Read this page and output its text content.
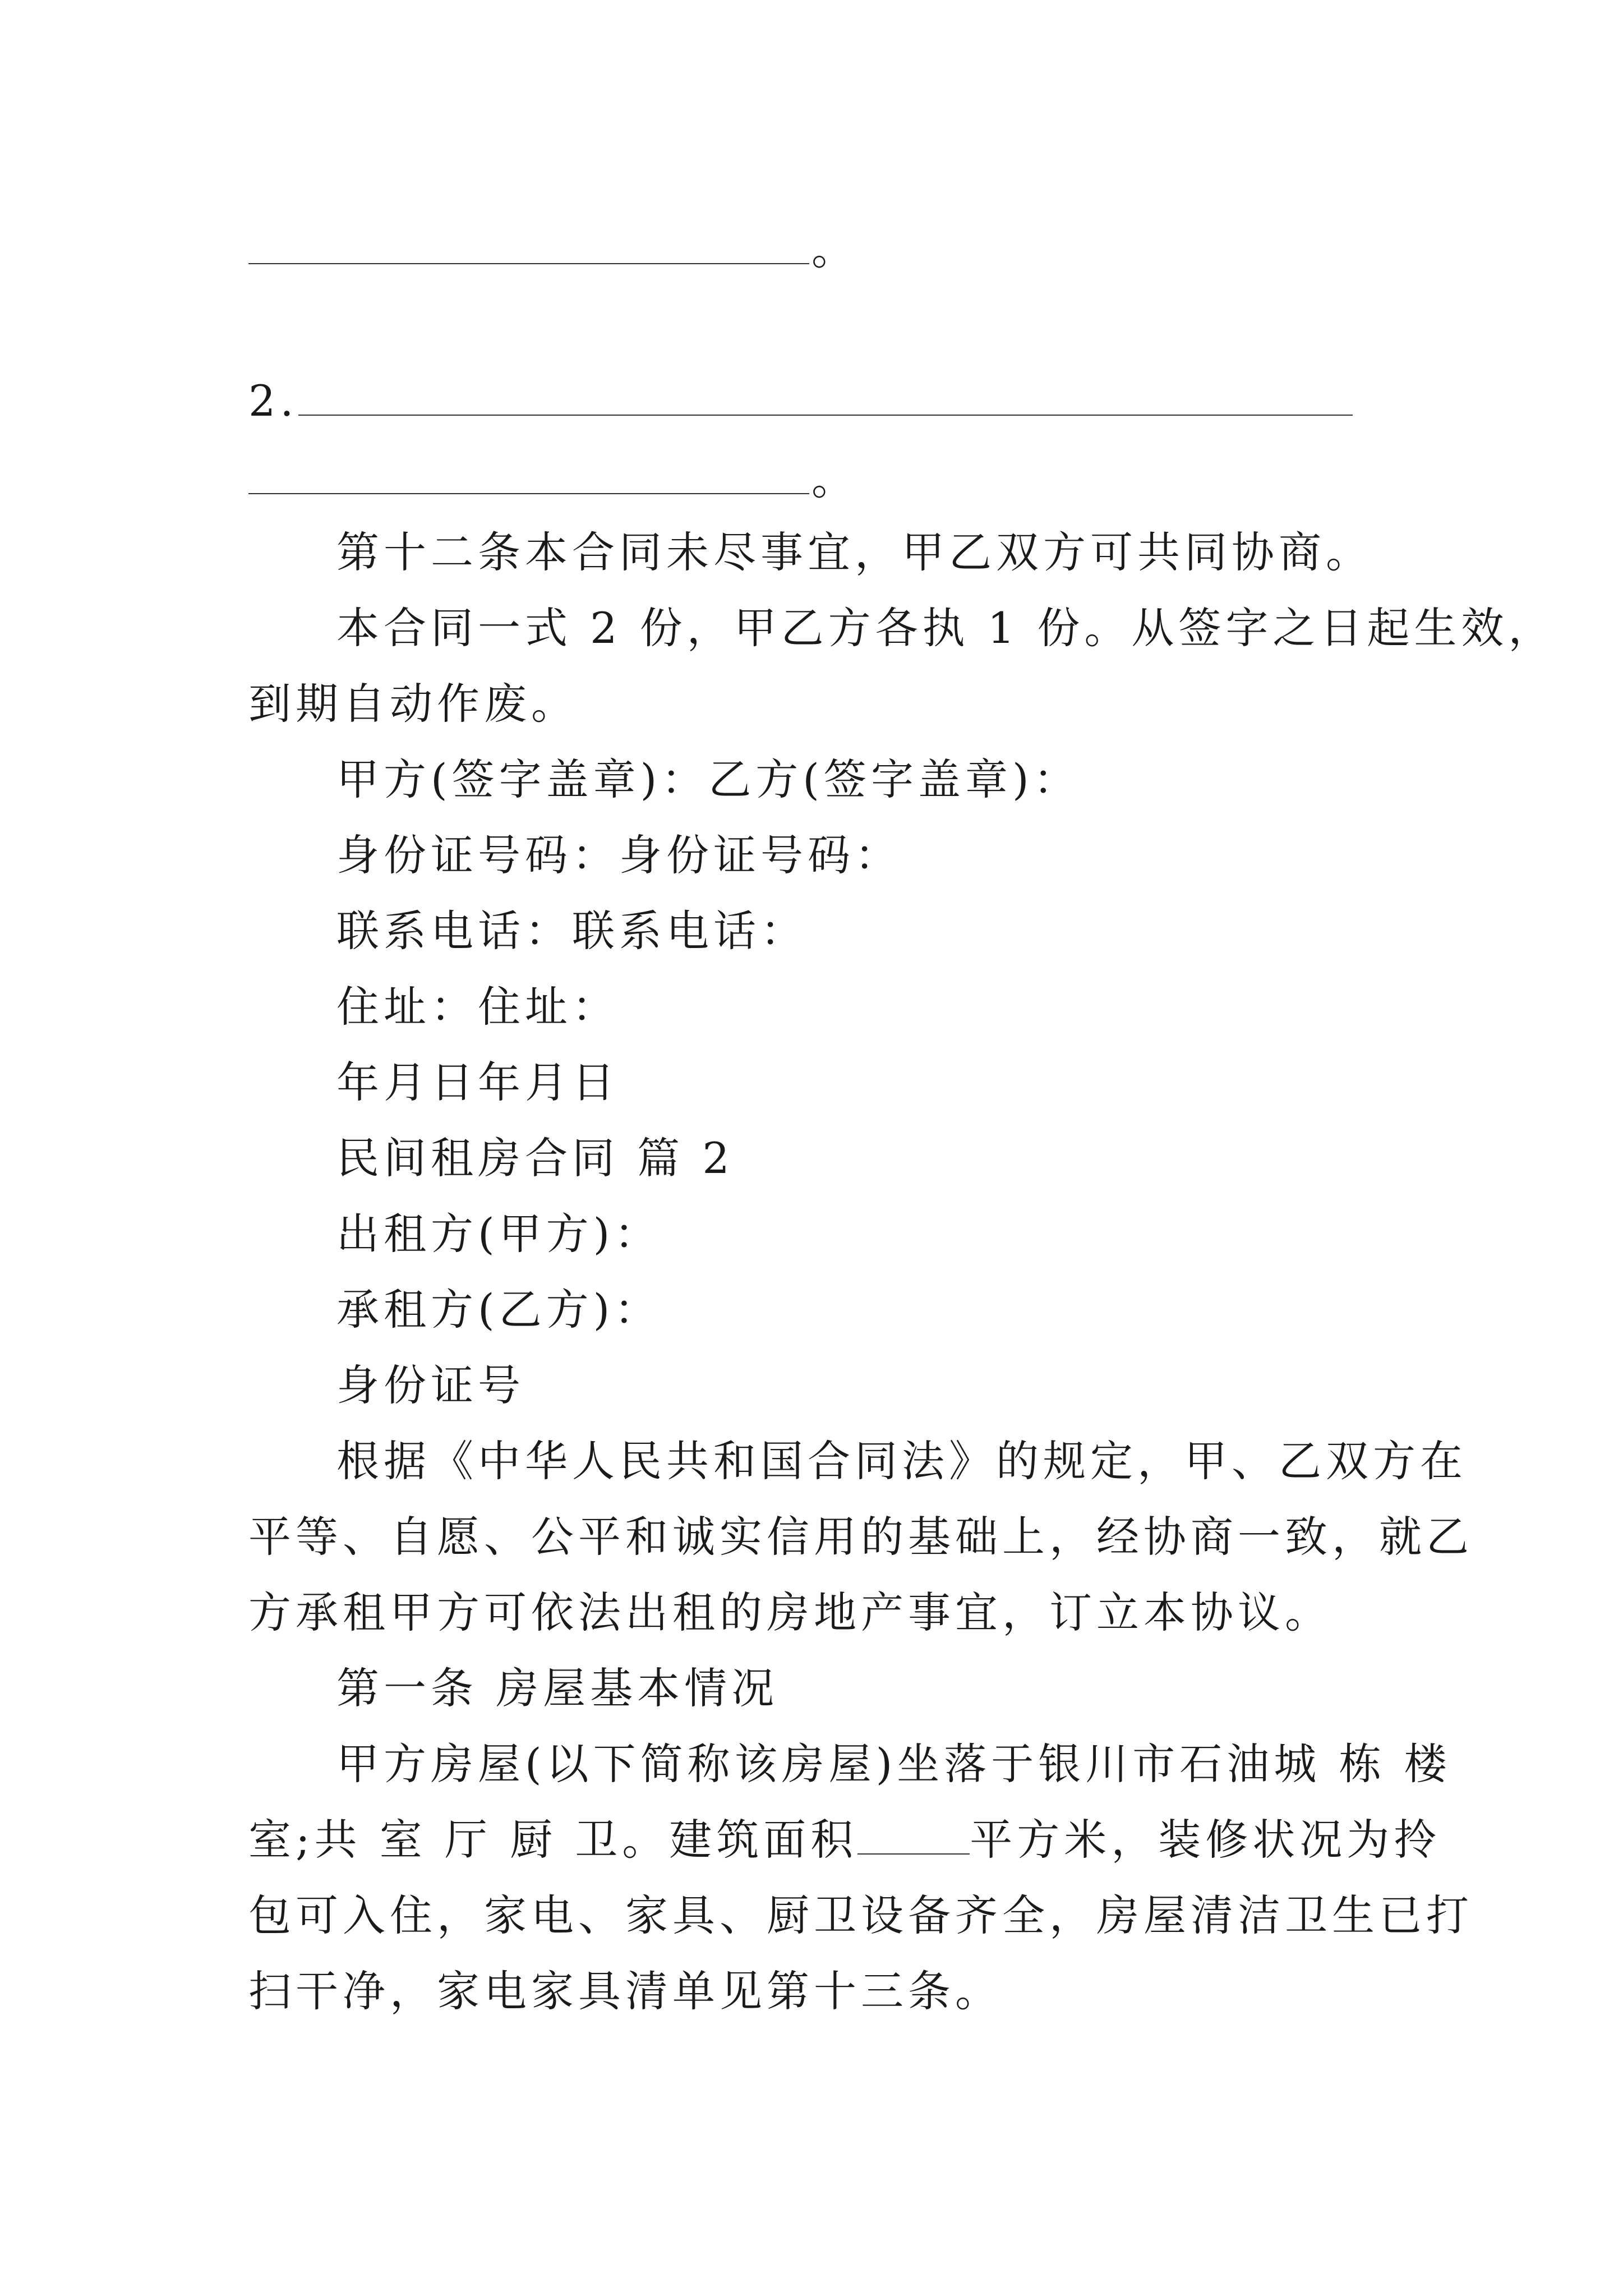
。
2.
。
第十二条本合同未尽事宜，甲乙双方可共同协商。
本合同一式 2 份，甲乙方各执 1 份。从签字之日起生效，
到期自动作废。
甲方(签字盖章)：乙方(签字盖章)：
身份证号码：身份证号码：
联系电话：联系电话：
住址：住址：
年月日年月日
民间租房合同 篇 2
出租方(甲方)：
承租方(乙方)：
身份证号
根据《中华人民共和国合同法》的规定，甲、乙双方在
平等、自愿、公平和诚实信用的基础上，经协商一致，就乙
方承租甲方可依法出租的房地产事宜，订立本协议。
第一条 房屋基本情况
甲方房屋(以下简称该房屋)坐落于银川市石油城 栋 楼
室;共 室 厅 厨 卫。建筑面积	平方米，装修状况为拎
包可入住，家电、家具、厨卫设备齐全，房屋清洁卫生已打
扫干净，家电家具清单见第十三条。
